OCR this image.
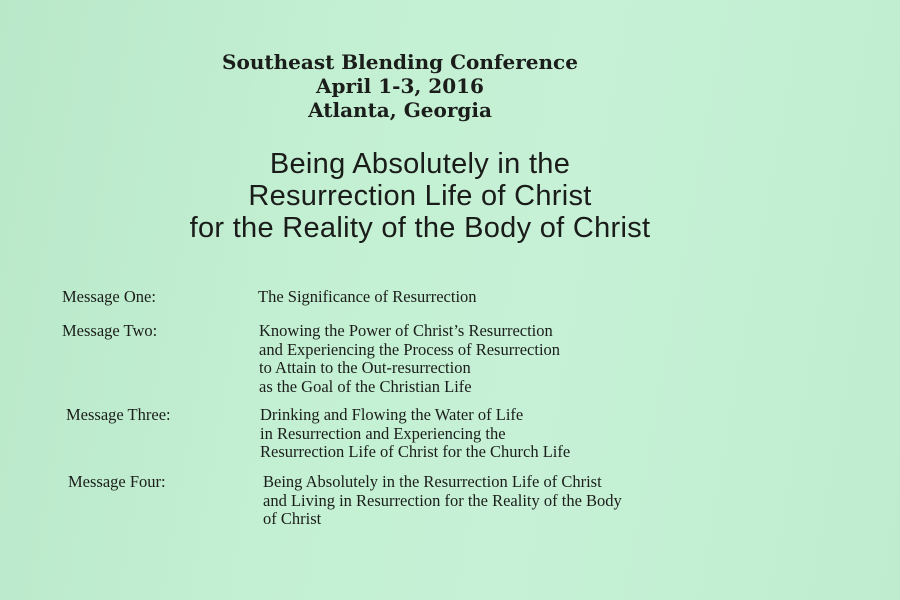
Southeast Blending Conference
April 1-3, 2016
Atlanta, Georgia
Being Absolutely in the
Resurrection Life of Christ
for the Reality of the Body of Christ
Message One:	The Significance of Resurrection
Message Two:	Knowing the Power of Christ’s Resurrection
and Experiencing the Process of Resurrection
to Attain to the Out-resurrection
as the Goal of the Christian Life
Message Three:	Drinking and Flowing the Water of Life
in Resurrection and Experiencing the
Resurrection Life of Christ for the Church Life
Message Four:	Being Absolutely in the Resurrection Life of Christ
and Living in Resurrection for the Reality of the Body
of Christ
